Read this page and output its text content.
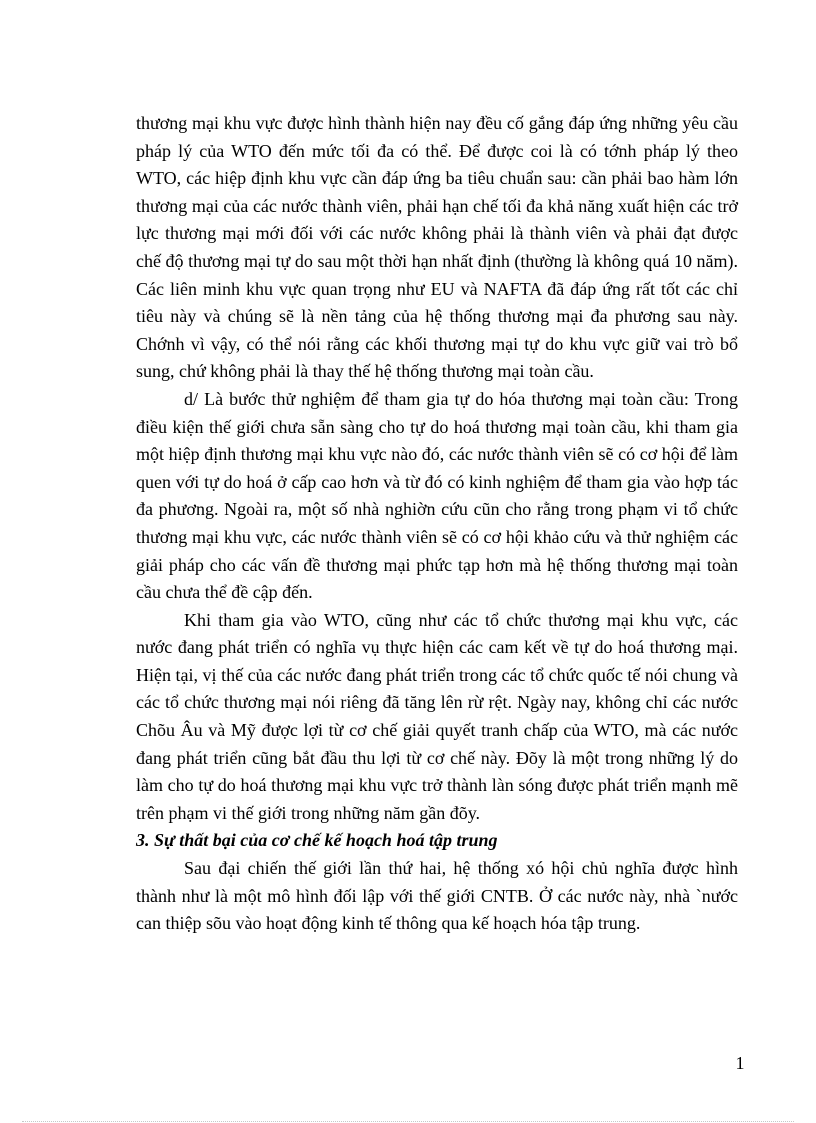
thương mại khu vực được hình thành hiện nay đều cố gắng đáp ứng những yêu cầu pháp lý của WTO đến mức tối đa có thể. Để được coi là có tớnh pháp lý theo WTO, các hiệp định khu vực cần đáp ứng ba tiêu chuẩn sau: cần phải bao hàm lớn thương mại của các nước thành viên, phải hạn chế tối đa khả năng xuất hiện các trở lực thương mại mới đối với các nước không phải là thành viên và phải đạt được chế độ thương mại tự do sau một thời hạn nhất định (thường là không quá 10 năm). Các liên minh khu vực quan trọng như EU và NAFTA đã đáp ứng rất tốt các chỉ tiêu này và chúng sẽ là nền tảng của hệ thống thương mại đa phương sau này. Chớnh vì vậy, có thể nói rằng các khối thương mại tự do khu vực giữ vai trò bổ sung, chứ không phải là thay thế hệ thống thương mại toàn cầu.

d/ Là bước thử nghiệm để tham gia tự do hóa thương mại toàn cầu: Trong điều kiện thế giới chưa sẵn sàng cho tự do hoá thương mại toàn cầu, khi tham gia một hiệp định thương mại khu vực nào đó, các nước thành viên sẽ có cơ hội để làm quen với tự do hoá ở cấp cao hơn và từ đó có kinh nghiệm để tham gia vào hợp tác đa phương. Ngoài ra, một số nhà nghiờn cứu cũn cho rằng trong phạm vi tổ chức thương mại khu vực, các nước thành viên sẽ có cơ hội khảo cứu và thử nghiệm các giải pháp cho các vấn đề thương mại phức tạp hơn mà hệ thống thương mại toàn cầu chưa thể đề cập đến.

Khi tham gia vào WTO, cũng như các tổ chức thương mại khu vực, các nước đang phát triển có nghĩa vụ thực hiện các cam kết về tự do hoá thương mại. Hiện tại, vị thế của các nước đang phát triển trong các tổ chức quốc tế nói chung và các tổ chức thương mại nói riêng đã tăng lên rừ rệt. Ngày nay, không chỉ các nước Chõu Âu và Mỹ được lợi từ cơ chế giải quyết tranh chấp của WTO, mà các nước đang phát triển cũng bắt đầu thu lợi từ cơ chế này. Đõy là một trong những lý do làm cho tự do hoá thương mại khu vực trở thành làn sóng được phát triển mạnh mẽ trên phạm vi thế giới trong những năm gần đõy.

3. Sự thất bại của cơ chế kế hoạch hoá tập trung

Sau đại chiến thế giới lần thứ hai, hệ thống xó hội chủ nghĩa được hình thành như là một mô hình đối lập với thế giới CNTB. Ở các nước này, nhà `nước can thiệp sõu vào hoạt động kinh tế thông qua kế hoạch hóa tập trung.

1
